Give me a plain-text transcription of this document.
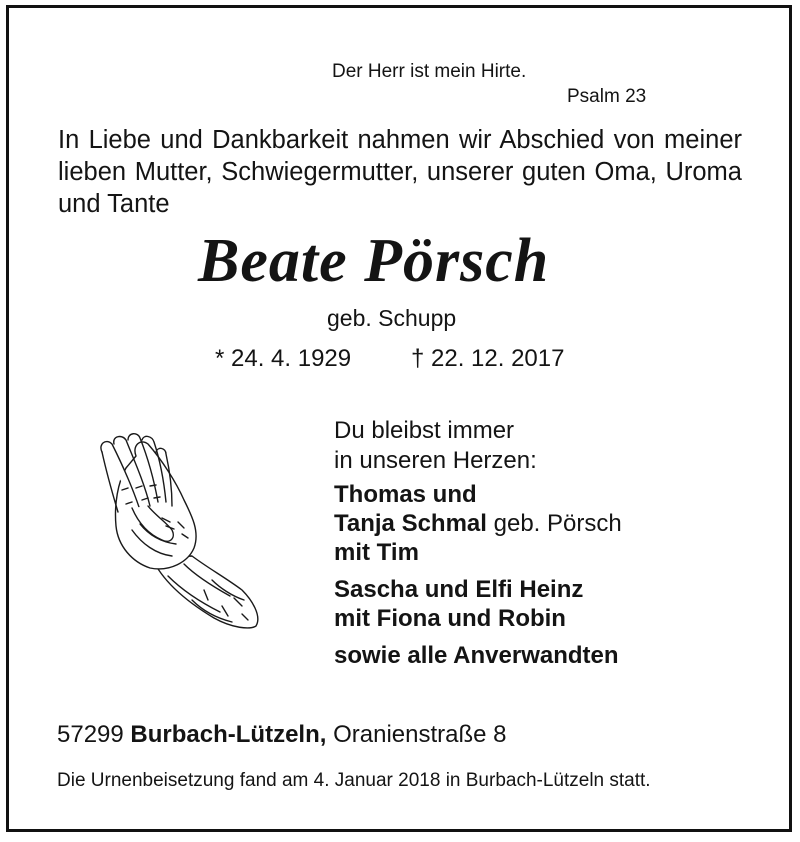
Der Herr ist mein Hirte.
Psalm 23
In Liebe und Dankbarkeit nahmen wir Abschied von meiner lieben Mutter, Schwiegermutter, unserer guten Oma, Uroma und Tante
Beate Pörsch
geb. Schupp
* 24. 4. 1929 † 22. 12. 2017
Du bleibst immer
in unseren Herzen:
Thomas und
Tanja Schmal geb. Pörsch
mit Tim
Sascha und Elfi Heinz
mit Fiona und Robin
sowie alle Anverwandten
57299 Burbach-Lützeln, Oranienstraße 8
Die Urnenbeisetzung fand am 4. Januar 2018 in Burbach-Lützeln statt.
